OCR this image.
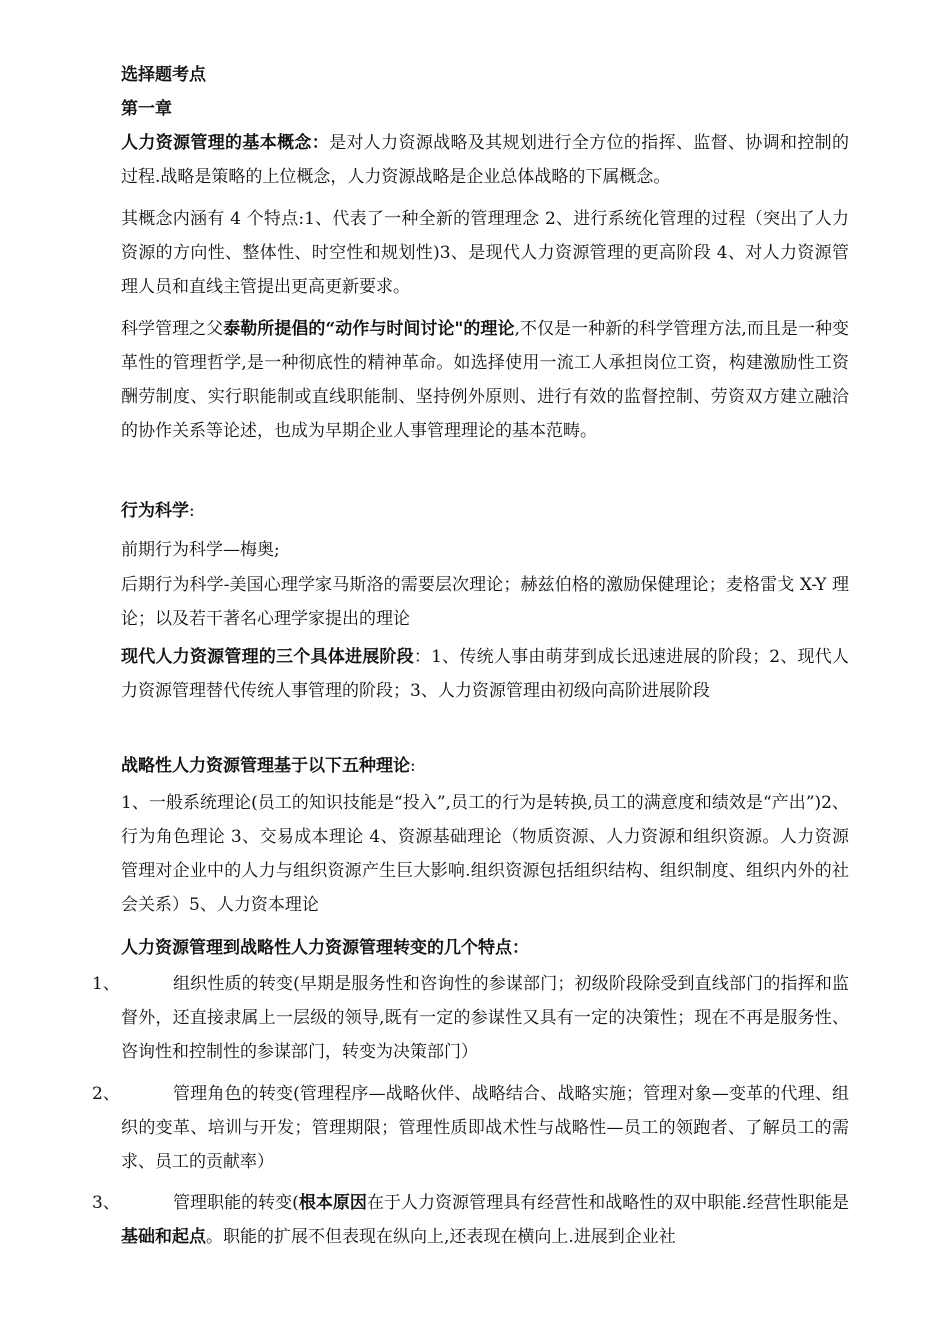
选择题考点
第一章
人力资源管理的基本概念：是对人力资源战略及其规划进行全方位的指挥、监督、协调和控制的过程.战略是策略的上位概念，人力资源战略是企业总体战略的下属概念。
其概念内涵有 4 个特点:1、代表了一种全新的管理理念 2、进行系统化管理的过程（突出了人力资源的方向性、整体性、时空性和规划性)3、是现代人力资源管理的更高阶段 4、对人力资源管理人员和直线主管提出更高更新要求。
科学管理之父泰勒所提倡的“动作与时间讨论"的理论,不仅是一种新的科学管理方法,而且是一种变革性的管理哲学,是一种彻底性的精神革命。如选择使用一流工人承担岗位工资，构建激励性工资酬劳制度、实行职能制或直线职能制、坚持例外原则、进行有效的监督控制、劳资双方建立融洽的协作关系等论述，也成为早期企业人事管理理论的基本范畴。
行为科学:
前期行为科学—梅奥;
后期行为科学-美国心理学家马斯洛的需要层次理论；赫兹伯格的激励保健理论；麦格雷戈 X-Y 理论；以及若干著名心理学家提出的理论
现代人力资源管理的三个具体进展阶段：1、传统人事由萌芽到成长迅速进展的阶段；2、现代人力资源管理替代传统人事管理的阶段；3、人力资源管理由初级向高阶进展阶段
战略性人力资源管理基于以下五种理论:
1、一般系统理论(员工的知识技能是“投入”,员工的行为是转换,员工的满意度和绩效是“产出”)2、行为角色理论 3、交易成本理论 4、资源基础理论（物质资源、人力资源和组织资源。人力资源管理对企业中的人力与组织资源产生巨大影响.组织资源包括组织结构、组织制度、组织内外的社会关系）5、人力资本理论
人力资源管理到战略性人力资源管理转变的几个特点：
1、	组织性质的转变(早期是服务性和咨询性的参谋部门；初级阶段除受到直线部门的指挥和监督外，还直接隶属上一层级的领导,既有一定的参谋性又具有一定的决策性；现在不再是服务性、咨询性和控制性的参谋部门，转变为决策部门）
2、	管理角色的转变(管理程序—战略伙伴、战略结合、战略实施；管理对象—变革的代理、组织的变革、培训与开发；管理期限；管理性质即战术性与战略性—员工的领跑者、了解员工的需求、员工的贡献率）
3、	管理职能的转变(根本原因在于人力资源管理具有经营性和战略性的双中职能.经营性职能是基础和起点。职能的扩展不但表现在纵向上,还表现在横向上.进展到企业社
